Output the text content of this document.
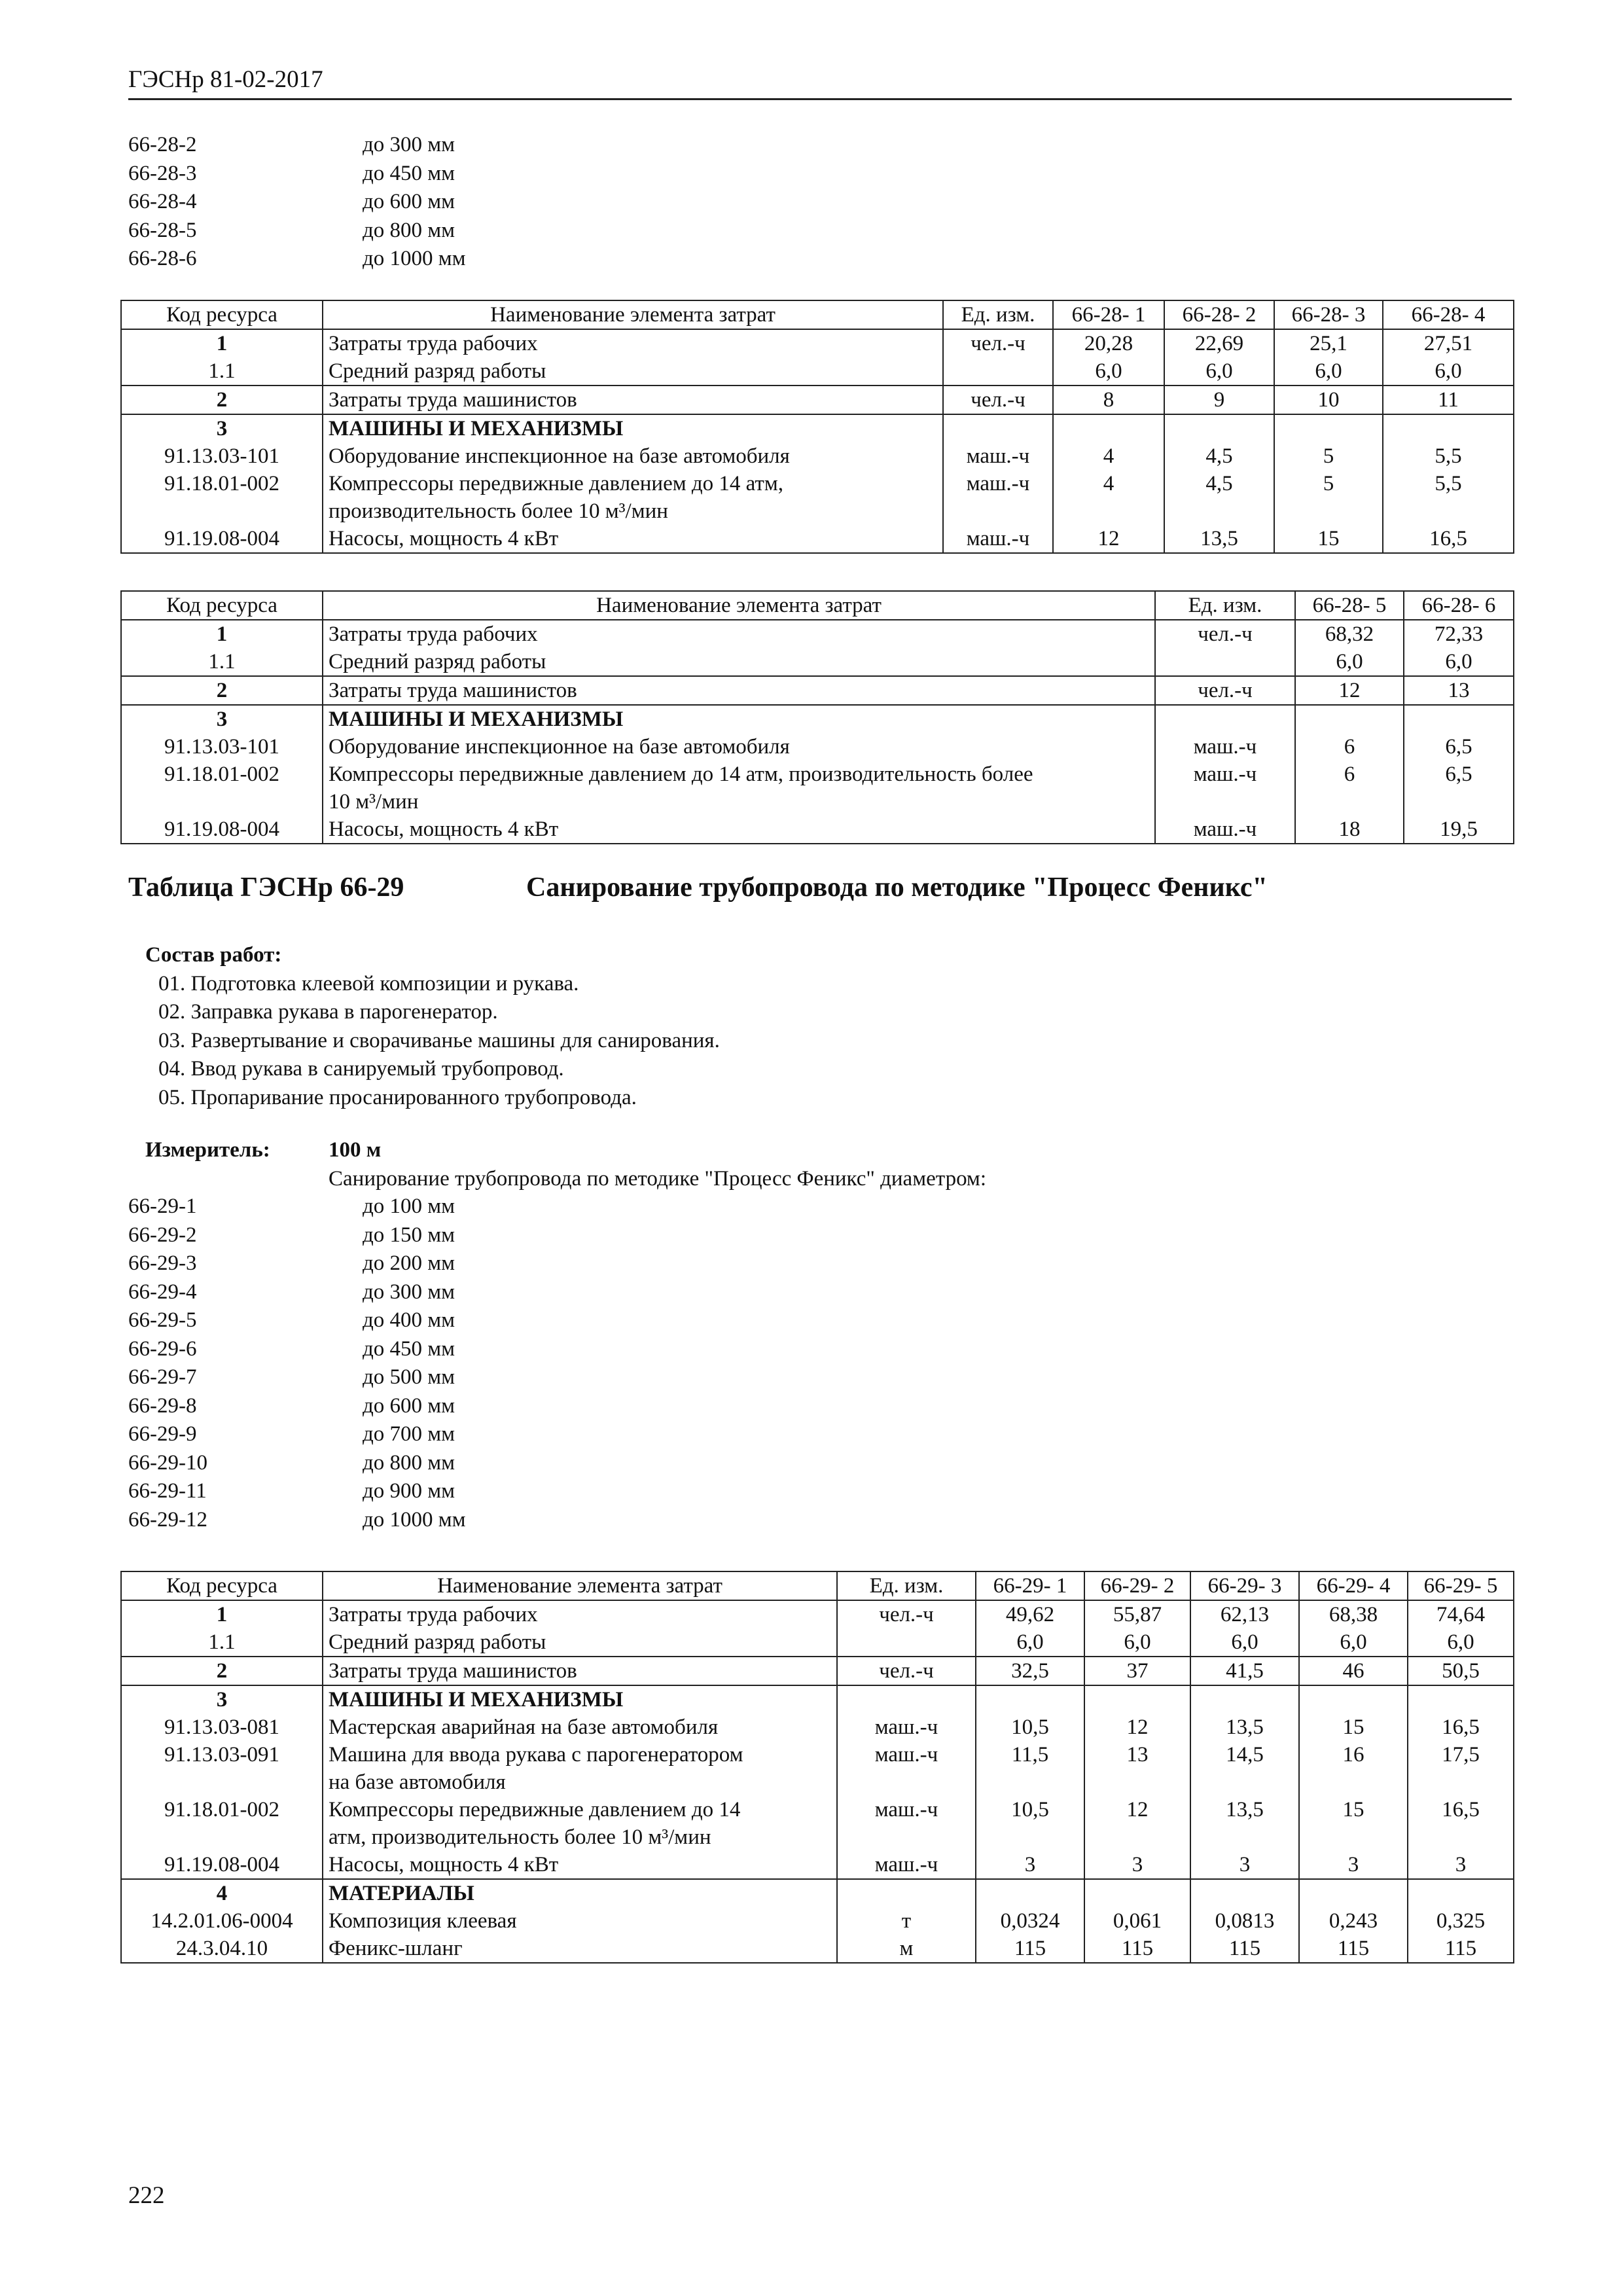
ГЭСНр 81-02-2017
66-28-2	до 300 мм
66-28-3	до 450 мм
66-28-4	до 600 мм
66-28-5	до 800 мм
66-28-6	до 1000 мм
Код ресурса	Наименование элемента затрат	Ед. изм.	66-28- 1	66-28- 2	66-28- 3	66-28- 4
1	Затраты труда рабочих	чел.-ч	20,28	22,69	25,1	27,51
1.1	Средний разряд работы		6,0	6,0	6,0	6,0
2	Затраты труда машинистов	чел.-ч	8	9	10	11
3	МАШИНЫ И МЕХАНИЗМЫ					
91.13.03-101	Оборудование инспекционное на базе автомобиля	маш.-ч	4	4,5	5	5,5
91.18.01-002	Компрессоры передвижные давлением до 14 атм,	маш.-ч	4	4,5	5	5,5
	производительность более 10 м³/мин					
91.19.08-004	Насосы, мощность 4 кВт	маш.-ч	12	13,5	15	16,5
Код ресурса	Наименование элемента затрат	Ед. изм.	66-28- 5	66-28- 6
1	Затраты труда рабочих	чел.-ч	68,32	72,33
1.1	Средний разряд работы		6,0	6,0
2	Затраты труда машинистов	чел.-ч	12	13
3	МАШИНЫ И МЕХАНИЗМЫ			
91.13.03-101	Оборудование инспекционное на базе автомобиля	маш.-ч	6	6,5
91.18.01-002	Компрессоры передвижные давлением до 14 атм, производительность более	маш.-ч	6	6,5
	10 м³/мин			
91.19.08-004	Насосы, мощность 4 кВт	маш.-ч	18	19,5
Таблица ГЭСНр 66-29	Санирование трубопровода по методике "Процесс Феникс"
Состав работ:
01. Подготовка клеевой композиции и рукава.
02. Заправка рукава в парогенератор.
03. Развертывание и сворачиванье машины для санирования.
04. Ввод рукава в санируемый трубопровод.
05. Пропаривание просанированного трубопровода.
Измеритель:	100 м
Санирование трубопровода по методике "Процесс Феникс" диаметром:
66-29-1	до 100 мм
66-29-2	до 150 мм
66-29-3	до 200 мм
66-29-4	до 300 мм
66-29-5	до 400 мм
66-29-6	до 450 мм
66-29-7	до 500 мм
66-29-8	до 600 мм
66-29-9	до 700 мм
66-29-10	до 800 мм
66-29-11	до 900 мм
66-29-12	до 1000 мм
Код ресурса	Наименование элемента затрат	Ед. изм.	66-29- 1	66-29- 2	66-29- 3	66-29- 4	66-29- 5
1	Затраты труда рабочих	чел.-ч	49,62	55,87	62,13	68,38	74,64
1.1	Средний разряд работы		6,0	6,0	6,0	6,0	6,0
2	Затраты труда машинистов	чел.-ч	32,5	37	41,5	46	50,5
3	МАШИНЫ И МЕХАНИЗМЫ						
91.13.03-081	Мастерская аварийная на базе автомобиля	маш.-ч	10,5	12	13,5	15	16,5
91.13.03-091	Машина для ввода рукава с парогенератором	маш.-ч	11,5	13	14,5	16	17,5
	на базе автомобиля						
91.18.01-002	Компрессоры передвижные давлением до 14	маш.-ч	10,5	12	13,5	15	16,5
	атм, производительность более 10 м³/мин						
91.19.08-004	Насосы, мощность 4 кВт	маш.-ч	3	3	3	3	3
4	МАТЕРИАЛЫ						
14.2.01.06-0004	Композиция клеевая	т	0,0324	0,061	0,0813	0,243	0,325
24.3.04.10	Феникс-шланг	м	115	115	115	115	115
222
